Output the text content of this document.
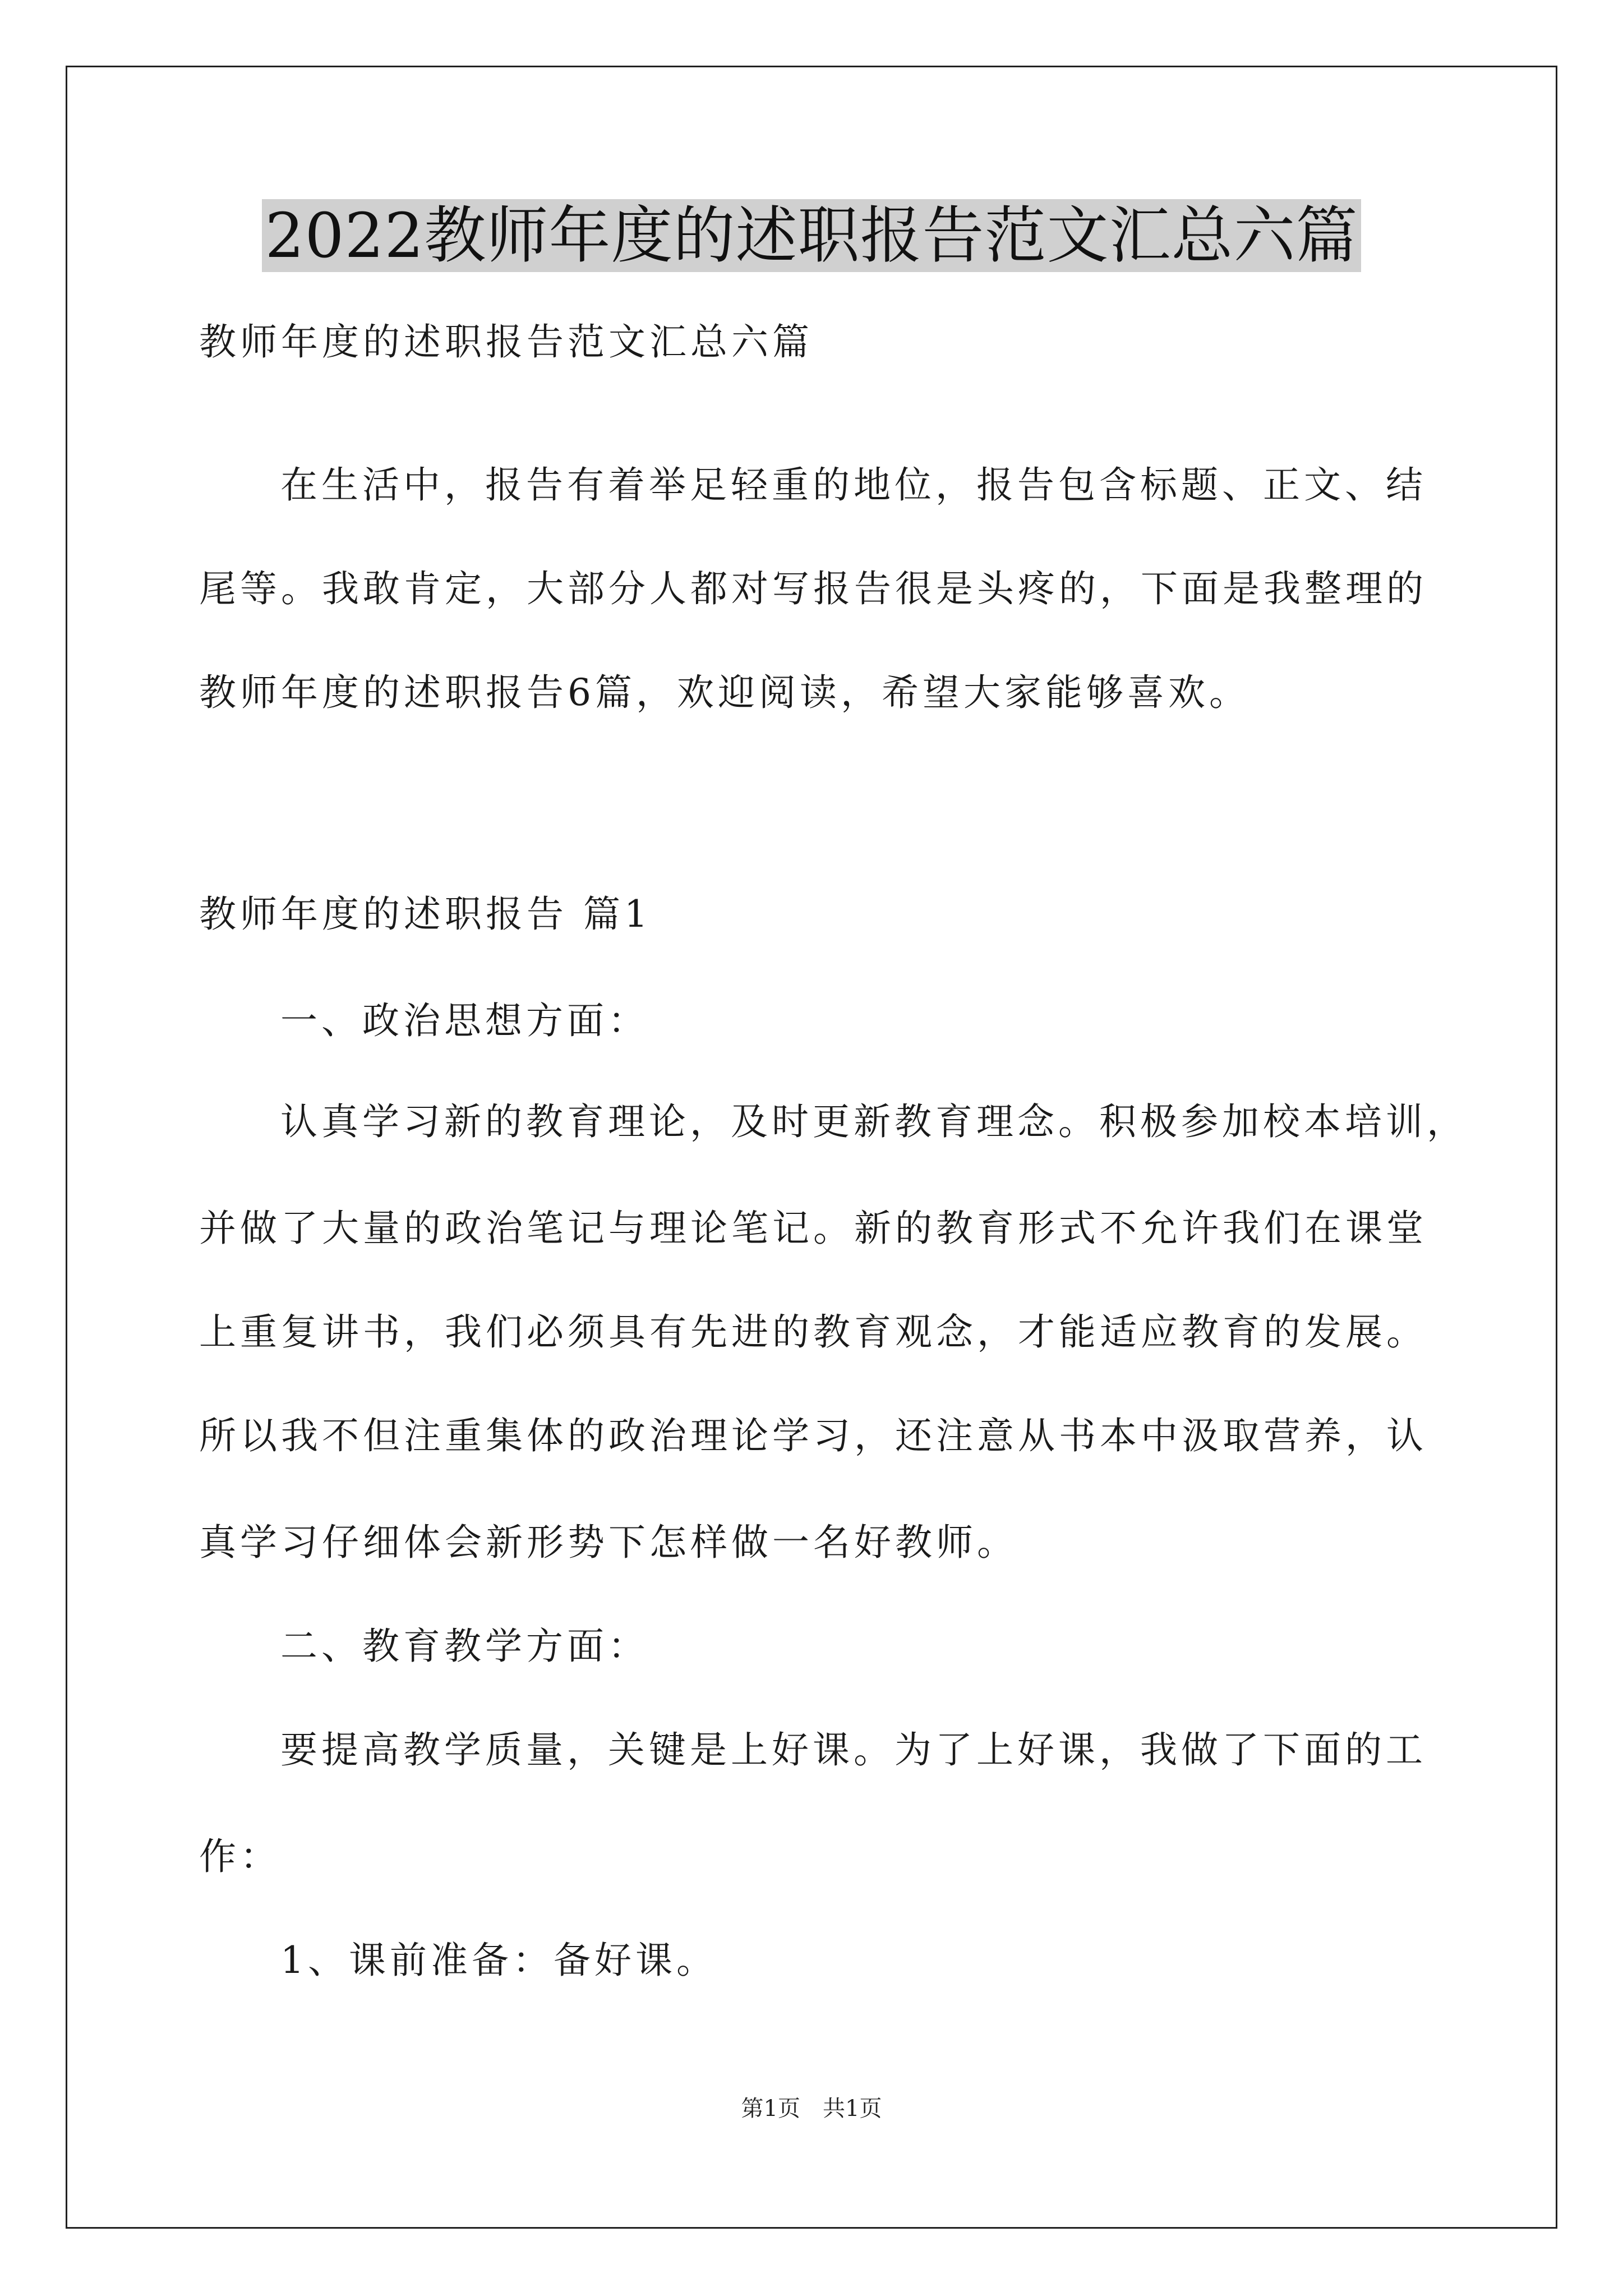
2022教师年度的述职报告范文汇总六篇
教师年度的述职报告范文汇总六篇
在生活中，报告有着举足轻重的地位，报告包含标题、正文、结
尾等。我敢肯定，大部分人都对写报告很是头疼的，下面是我整理的
教师年度的述职报告6篇，欢迎阅读，希望大家能够喜欢。
教师年度的述职报告 篇1
一、政治思想方面：
认真学习新的教育理论，及时更新教育理念。积极参加校本培训，
并做了大量的政治笔记与理论笔记。新的教育形式不允许我们在课堂
上重复讲书，我们必须具有先进的教育观念，才能适应教育的发展。
所以我不但注重集体的政治理论学习，还注意从书本中汲取营养，认
真学习仔细体会新形势下怎样做一名好教师。
二、教育教学方面：
要提高教学质量，关键是上好课。为了上好课，我做了下面的工
作：
1、课前准备：备好课。
第1页　共1页
